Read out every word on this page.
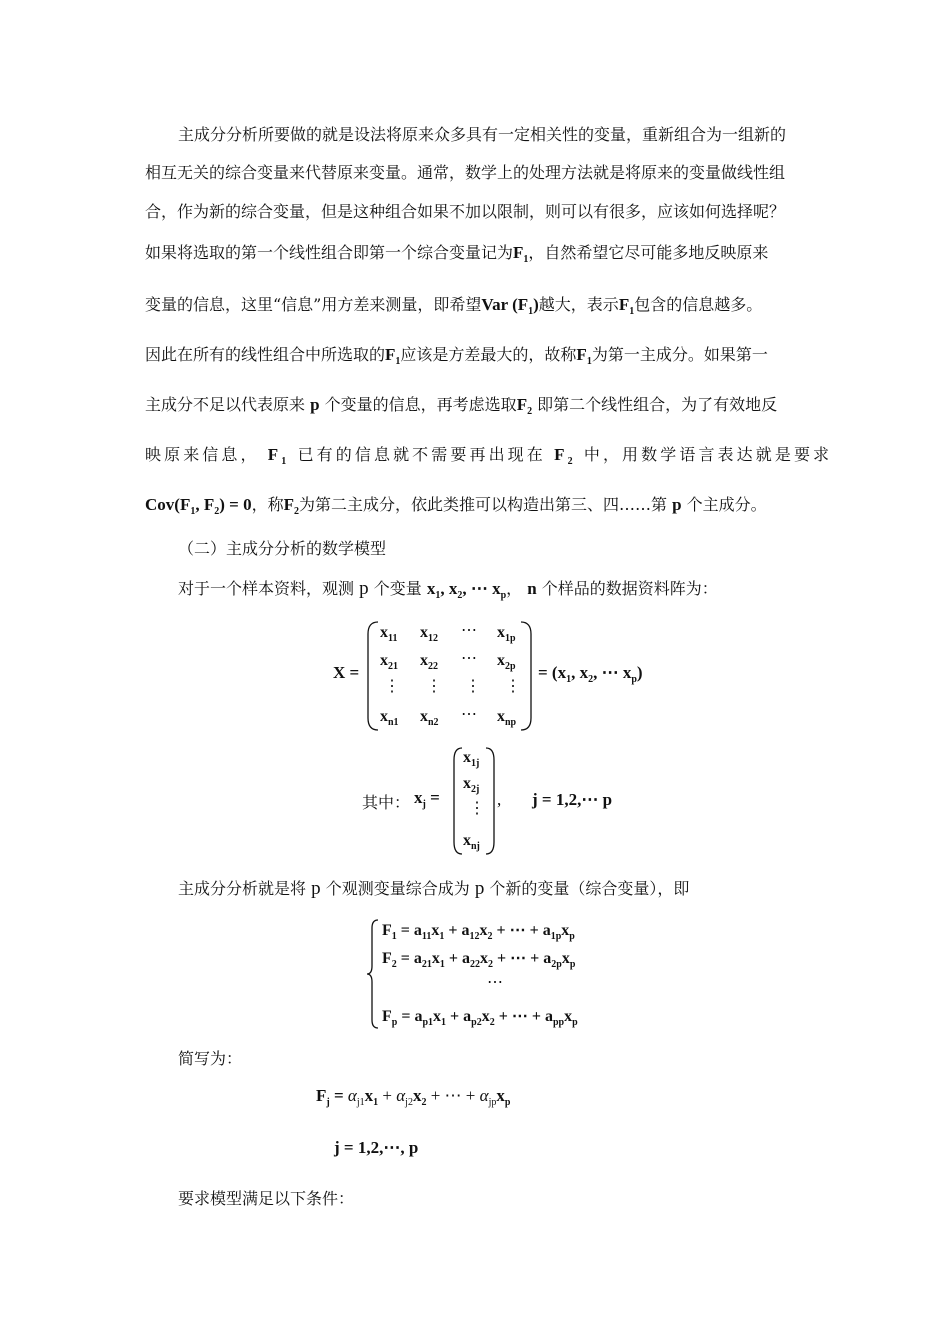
主成分分析所要做的就是设法将原来众多具有一定相关性的变量，重新组合为一组新的
相互无关的综合变量来代替原来变量。通常，数学上的处理方法就是将原来的变量做线性组
合，作为新的综合变量，但是这种组合如果不加以限制，则可以有很多，应该如何选择呢？
如果将选取的第一个线性组合即第一个综合变量记为$F_1$，自然希望它尽可能多地反映原来
变量的信息，这里“信息”用方差来测量，即希望Var $(F_1)$越大，表示$F_1$包含的信息越多。
因此在所有的线性组合中所选取的$F_1$应该是方差最大的，故称$F_1$为第一主成分。如果第一
主成分不足以代表原来 p 个变量的信息，再考虑选取$F_2$ 即第二个线性组合，为了有效地反
映原来信息， $F_1$ 已有的信息就不需要再出现在 $F_2$ 中，用数学语言表达就是要求
$Cov(F_1$, $F_2) = 0$，称$F_2$为第二主成分，依此类推可以构造出第三、四……第 p 个主成分。
（二）主成分分析的数学模型
对于一个样本资料，观测 p 个变量 $x_1$, $x_2$, ⋯ $x_p$， n 个样品的数据资料阵为：
X =
$x_{11}$ $x_{12}$ ⋯ $x_{1p}$
$x_{21}$ $x_{22}$ ⋯ $x_{2p}$
⋮ ⋮ ⋮ ⋮
$x_{n1}$ $x_{n2}$ ⋯ $x_{np}$
= ($x_1$, $x_2$, ⋯ $x_p$)
其中： $x_j$ =
$x_{1j}$
$x_{2j}$
⋮
$x_{nj}$
, j = 1,2,⋯ p
主成分分析就是将 p 个观测变量综合成为 p 个新的变量（综合变量），即
$F_1 = a_{11}x_1 + a_{12}x_2$ + ⋯ + $a_{1p}x_p$
$F_2 = a_{21}x_1 + a_{22}x_2$ + ⋯ + $a_{2p}x_p$
⋯
$F_p = a_{p1}x_1 + a_{p2}x_2$ + ⋯ + $a_{pp}x_p$
简写为：
$F_j = \alpha_{j1}x_1 + \alpha_{j2}x_2$ + ⋯ + $\alpha_{jp}x_p$
j = 1,2,⋯, p
要求模型满足以下条件：
